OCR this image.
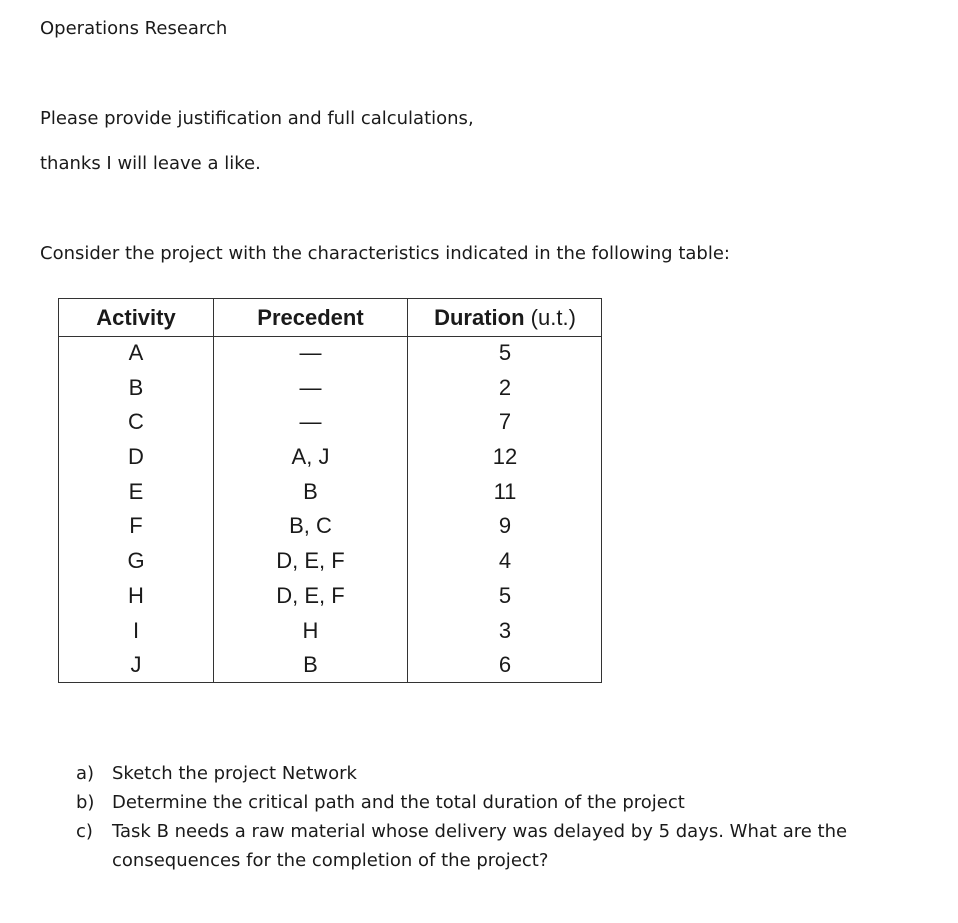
Operations Research
Please provide justification and full calculations,
thanks I will leave a like.
Consider the project with the characteristics indicated in the following table:
Activity	Precedent	Duration (u.t.)
A
B
C
D
E
F
G
H
I
J
—
—
—
A, J
B
B, C
D, E, F
D, E, F
H
B
5
2
7
12
11
9
4
5
3
6
a) Sketch the project Network
b) Determine the critical path and the total duration of the project
c) Task B needs a raw material whose delivery was delayed by 5 days. What are the
consequences for the completion of the project?
